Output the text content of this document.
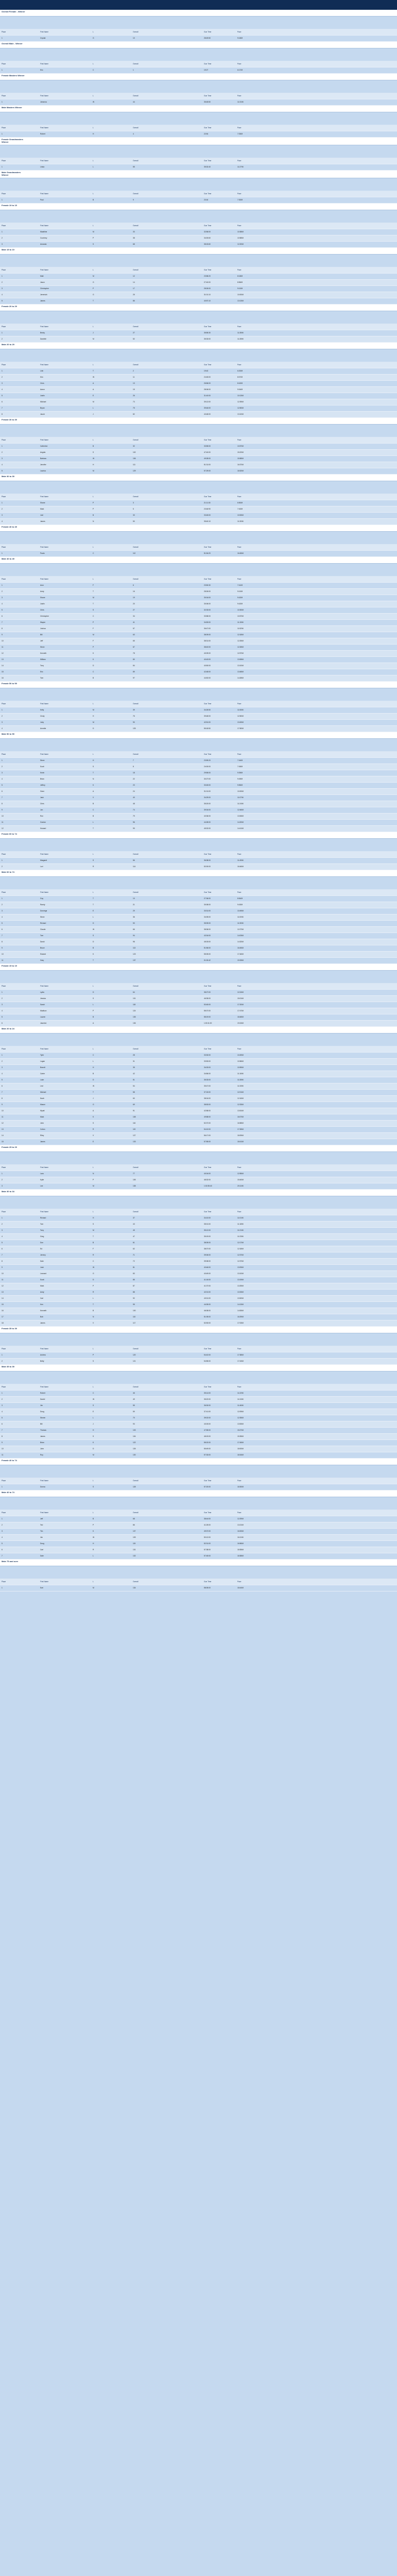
Overall Female - Winner
Place	First Name	L	Overall	Gun Time	Pace
1	Crystal	G	10	28:49:50	9:18/M
Overall Male - Winner
Place	First Name	L	Overall	Gun Time	Pace
1	Eric	C	1	19:27	6:17/M
Female Masters Winner
Place	First Name	L	Overall	Gun Time	Pace
1	Johanna	W	44	35:45:50	11:31/M
Male Masters Winner
Place	First Name	L	Overall	Gun Time	Pace
1	Robert	H	4	22:54	7:25/M
Female Grandmasters
Winner
Place	First Name	L	Overall	Gun Time	Pace
1	Linda	L	55	35:32:40	11:27/M
Male Grandmasters
Winner
Place	First Name	L	Overall	Gun Time	Pace
1	Paul	B	9	23:16	7:30/M
Female 19 to 15
Place	First Name	L	Overall	Gun Time	Pace
1	Madeline	M	33	32:56:00	10:38/M
2	Courtney	P	38	34:00:60	10:58/M
3	Amanda	S	68	38:15:60	12:20/M
Male 15 to 19
Place	First Name	L	Overall	Gun Time	Pace
1	Matt	M	12	23:58:20	8:18/M
2	Jason	G	14	27:40:00	8:56/M
3	Christopher	P	17	28:26:00	9:10/M
4	Jeremiah	G	25	31:01:10	10:00/M
5	James	T	86	40:57:10	13:13/M
Female 20 to 29
Place	First Name	L	Overall	Gun Time	Pace
1	Becky	J	27	35:55:30	11:35/M
2	Danielle	M	52	35:33:00	11:28/M
Male 20 to 29
Place	First Name	L	Overall	Gun Time	Pace
1	Linh	T	2	19:43	6:20/M
2	Kim	W	11	24:45:00	8:07/M
3	Chris	A	13	26:56:00	8:42/M
4	Aaron	A	15	28:06:00	9:04/M
5	Justin	E	26	31:40:00	10:13/M
6	Michael	M	73	39:12:00	12:39/M
7	Bryan	L	75	39:46:00	12:50/M
8	Jacob	J	82	40:48:00	13:10/M
Female 30 to 39
Place	First Name	L	Overall	Gun Time	Pace
1	Catherine	B	32	33:55:00	10:57/M
2	Angela	S	102	47:40:00	15:22/M
3	Barbara	W	106	49:28:00	15:58/M
4	Jennifer	H	111	51:31:00	16:37/M
5	Laurica	M	129	57:29:00	18:32/M
Male 30 to 39
Place	First Name	L	Overall	Gun Time	Pace
1	Shane	P	3	21:11:30	6:50/M
2	Mark	P	5	23:46:90	7:40/M
3	Joel	B	30	33:45:00	10:53/M
4	James	N	50	35:40:10	11:30/M
Female 40 to 49
Place	First Name	L	Overall	Gun Time	Pace
1	Paola	C	112	51:54:20	16:45/M
Male 40 to 49
Place	First Name	L	Overall	Gun Time	Pace
1	Aron	F	6	23:50:30	7:41/M
2	Andy	T	16	28:26:00	9:10/M
3	Shane	M	19	30:04:00	9:42/M
4	Justin	T	20	30:06:00	9:42/M
5	Chris	S	27	32:33:00	10:30/M
6	Christopher	C	34	33:58:00	10:57/M
7	Wayne	P	41	34:53:00	11:15/M
8	Joshua	F	57	36:47:00	11:52/M
9	Bill	M	63	38:09:00	12:18/M
10	Jeff	F	65	38:31:00	12:25/M
11	Steve	P	67	38:40:00	12:28/M
12	Kenneth	K	78	40:09:00	12:57/M
13	William	K	80	40:43:00	13:08/M
14	Tony	D	84	40:50:00	13:10/M
15	Eric	C	89	42:48:00	13:48/M
16	Tom	B	97	44:52:00	14:28/M
Female 50 to 59
Place	First Name	L	Overall	Gun Time	Pace
1	Kelly	M	39	34:26:50	11:06/M
2	Cindy	H	76	39:48:00	12:50/M
3	Jody	M	90	42:51:00	13:49/M
4	Annette	D	125	55:18:50	17:50/M
Male 50 to 59
Place	First Name	L	Overall	Gun Time	Pace
1	Steve	H	7	23:59:20	7:44/M
2	Scott	S	8	24:00:00	7:45/M
3	Kevin	T	18	29:55:00	9:39/M
4	Brian	N	22	30:27:00	9:49/M
5	Jeffrey	K	23	30:45:00	9:55/M
6	Gene	A	24	31:01:00	10:00/M
7	Jack	V	40	34:29:00	11:07/M
8	Chris	B	48	35:20:00	11:24/M
9	Jon	C	74	39:34:00	12:46/M
10	Ron	B	79	40:36:00	13:06/M
11	Gordon	L	96	44:28:00	14:20/M
12	Howard	T	99	45:32:00	14:41/M
Female 60 to 74
Place	First Name	L	Overall	Gun Time	Pace
1	Margaret	S	56	36:38:00	11:49/M
2	Lori	R	114	52:00:00	16:46/M
Male 60 to 74
Place	First Name	L	Overall	Gun Time	Pace
1	Guy	T	10	27:36:00	8:54/M
2	Randy	T	21	30:08:00	9:43/M
3	Donnege	E	29	33:31:00	10:49/M
4	Steve	L	36	34:05:00	11:00/M
5	Richard	D	53	35:39:00	11:30/M
6	Claude	W	66	38:36:00	12:27/M
7	Tom	S	94	43:34:00	14:03/M
8	David	D	98	45:03:00	14:32/M
9	Bruce	B	113	51:56:00	16:45/M
10	Edward	K	123	55:05:00	17:46/M
11	Gary	T	137	01:00:42	19:33/M
Female 15 to 19
Place	First Name	L	Overall	Gun Time	Pace
1	Lydia	D	64	38:27:00	12:24/M
2	Jessica	S	101	46:35:00	15:01/M
3	Sarah	L	118	53:45:00	17:20/M
4	Madison	P	124	55:07:00	17:47/M
5	Lauren	B	135	58:19:00	18:48/M
6	Jasmine	A	136	1:00:11:00	19:24/M
Male 20 to 24
Place	First Name	L	Overall	Gun Time	Pace
1	Tyler	C	28	33:30:00	10:49/M
2	Logan	L	31	33:53:00	10:56/M
3	Brandt	H	35	34:03:00	10:59/M
4	Carter	B	42	34:56:00	11:16/M
5	Luke	D	51	35:33:00	11:28/M
6	Levi	W	54	35:47:00	11:33/M
7	Michael	T	58	37:15:00	12:01/M
8	Noah	J	60	38:04:00	12:16/M
9	Mason	G	69	38:53:00	12:33/M
10	Wyatt	A	91	42:58:00	13:51/M
11	Mark	K	108	49:58:00	16:07/M
12	John	S	116	52:37:00	16:58/M
13	Colton	R	119	54:10:00	17:28/M
14	Riley	V	127	56:17:00	18:09/M
15	James	E	133	57:55:00	18:41/M
Female 25 to 29
Place	First Name	L	Overall	Gun Time	Pace
1	Lara	N	77	40:04:00	12:55/M
2	Kylie	P	105	48:32:00	15:40/M
3	Lee	M	138	1:02:35:40	20:11/M
Male 30 to 34
Place	First Name	L	Overall	Gun Time	Pace
1	Richard	H	37	34:10:00	11:01/M
2	Tom	S	43	35:01:00	11:18/M
3	Tony	M	45	35:12:00	11:21/M
4	Greg	T	47	35:19:00	11:23/M
5	Don	B	61	38:05:00	12:17/M
6	Ed	F	62	38:07:00	12:18/M
7	Jeremy	R	71	39:06:00	12:37/M
8	Dale	C	72	39:08:00	12:37/M
9	Josh	W	81	40:46:00	13:09/M
10	Leonard	G	83	40:49:00	13:10/M
11	Scott	D	85	41:16:00	13:19/M
12	Mark	P	87	41:37:00	13:25/M
13	Andy	R	88	42:01:00	13:33/M
14	Carl	L	92	43:01:00	13:52/M
15	Ken	T	95	44:05:00	14:13/M
16	Kenneth	B	100	46:08:00	14:53/M
17	Bob	N	110	51:05:00	16:29/M
18	James	V	117	52:53:00	17:03/M
Female 35 to 39
Place	First Name	L	Overall	Gun Time	Pace
1	Andrea	P	120	54:42:00	17:38/M
2	Betty	S	121	54:55:00	17:43/M
Male 35 to 39
Place	First Name	L	Overall	Gun Time	Pace
1	Robert	C	46	35:14:00	11:22/M
2	Daniel	W	49	35:22:00	11:24/M
3	Jim	S	55	36:30:00	11:46/M
4	Doug	E	59	37:41:00	12:09/M
5	Steven	L	70	39:02:00	12:35/M
6	Bill	J	93	43:03:00	13:53/M
7	Thomas	H	103	47:55:00	15:27/M
8	James	S	104	48:19:00	15:35/M
9	Brian	K	122	55:02:00	17:45/M
10	John	D	126	55:49:00	18:00/M
11	Roy	M	130	57:33:00	18:34/M
Female 40 to 74
Place	First Name	L	Overall	Gun Time	Pace
1	Donna	S	128	57:20:00	18:30/M
Male 40 to 74
Place	First Name	L	Overall	Gun Time	Pace
1	Jeff	B	68	38:44:00	12:29/M
2	Ted	P	86	41:25:00	13:21/M
3	Tim	K	107	49:37:00	16:00/M
4	Jim	W	109	50:12:00	16:11/M
5	Doug	H	115	52:31:00	16:56/M
6	Carl	R	131	57:38:00	18:35/M
7	Dale	L	132	57:45:00	18:38/M
Male 75 and over
Place	First Name	L	Overall	Gun Time	Pace
1	Earl	M	134	58:05:00	18:44/M
